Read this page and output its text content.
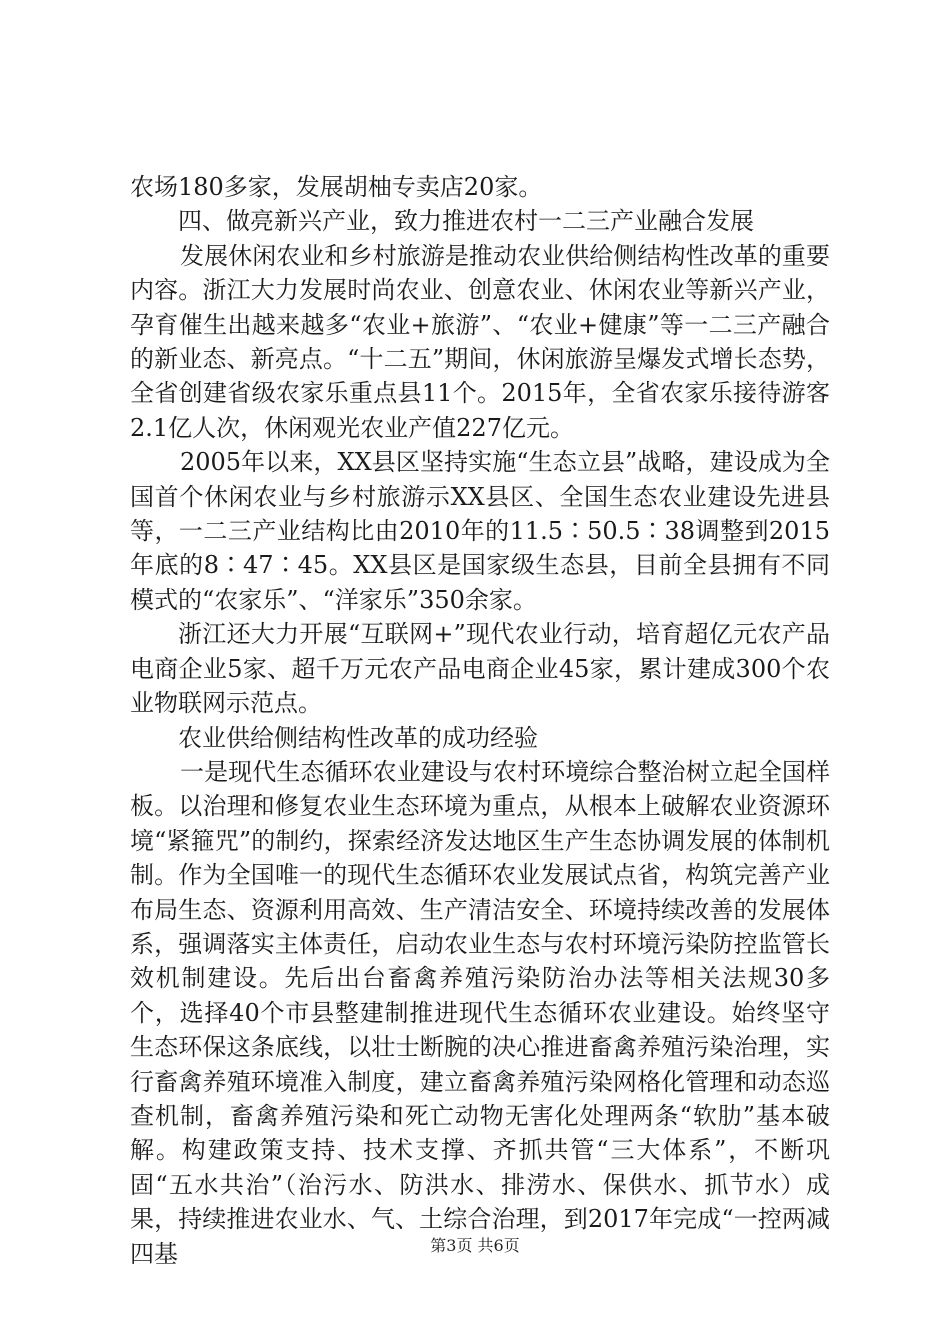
农场180多家，发展胡柚专卖店20家。

四、做亮新兴产业，致力推进农村一二三产业融合发展

发展休闲农业和乡村旅游是推动农业供给侧结构性改革的重要内容。浙江大力发展时尚农业、创意农业、休闲农业等新兴产业，孕育催生出越来越多“农业+旅游”、“农业+健康”等一二三产融合的新业态、新亮点。“十二五”期间，休闲旅游呈爆发式增长态势，全省创建省级农家乐重点县11个。2015年，全省农家乐接待游客2.1亿人次，休闲观光农业产值227亿元。

2005年以来，XX县区坚持实施“生态立县”战略，建设成为全国首个休闲农业与乡村旅游示XX县区、全国生态农业建设先进县等，一二三产业结构比由2010年的11.5∶50.5∶38调整到2015年底的8∶47∶45。XX县区是国家级生态县，目前全县拥有不同模式的“农家乐”、“洋家乐”350余家。

浙江还大力开展“互联网+”现代农业行动，培育超亿元农产品电商企业5家、超千万元农产品电商企业45家，累计建成300个农业物联网示范点。

农业供给侧结构性改革的成功经验

一是现代生态循环农业建设与农村环境综合整治树立起全国样板。以治理和修复农业生态环境为重点，从根本上破解农业资源环境“紧箍咒”的制约，探索经济发达地区生产生态协调发展的体制机制。作为全国唯一的现代生态循环农业发展试点省，构筑完善产业布局生态、资源利用高效、生产清洁安全、环境持续改善的发展体系，强调落实主体责任，启动农业生态与农村环境污染防控监管长效机制建设。先后出台畜禽养殖污染防治办法等相关法规30多个，选择40个市县整建制推进现代生态循环农业建设。始终坚守生态环保这条底线，以壮士断腕的决心推进畜禽养殖污染治理，实行畜禽养殖环境准入制度，建立畜禽养殖污染网格化管理和动态巡查机制，畜禽养殖污染和死亡动物无害化处理两条“软肋”基本破解。构建政策支持、技术支撑、齐抓共管“三大体系”，不断巩固“五水共治”（治污水、防洪水、排涝水、保供水、抓节水）成果，持续推进农业水、气、土综合治理，到2017年完成“一控两减四基	第3页 共6页
